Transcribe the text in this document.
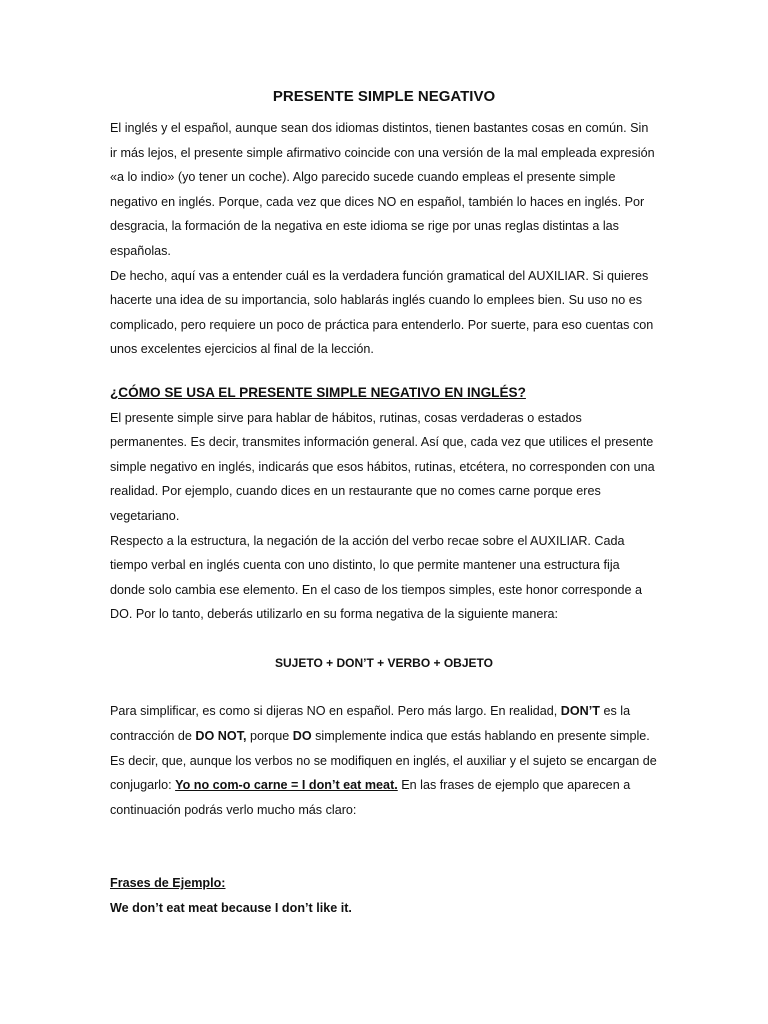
PRESENTE SIMPLE NEGATIVO

El inglés y el español, aunque sean dos idiomas distintos, tienen bastantes cosas en común. Sin ir más lejos, el presente simple afirmativo coincide con una versión de la mal empleada expresión «a lo indio» (yo tener un coche). Algo parecido sucede cuando empleas el presente simple negativo en inglés. Porque, cada vez que dices NO en español, también lo haces en inglés. Por desgracia, la formación de la negativa en este idioma se rige por unas reglas distintas a las españolas.

De hecho, aquí vas a entender cuál es la verdadera función gramatical del AUXILIAR. Si quieres hacerte una idea de su importancia, solo hablarás inglés cuando lo emplees bien. Su uso no es complicado, pero requiere un poco de práctica para entenderlo. Por suerte, para eso cuentas con unos excelentes ejercicios al final de la lección.

¿CÓMO SE USA EL PRESENTE SIMPLE NEGATIVO EN INGLÉS?

El presente simple sirve para hablar de hábitos, rutinas, cosas verdaderas o estados permanentes. Es decir, transmites información general. Así que, cada vez que utilices el presente simple negativo en inglés, indicarás que esos hábitos, rutinas, etcétera, no corresponden con una realidad. Por ejemplo, cuando dices en un restaurante que no comes carne porque eres vegetariano.

Respecto a la estructura, la negación de la acción del verbo recae sobre el AUXILIAR. Cada tiempo verbal en inglés cuenta con uno distinto, lo que permite mantener una estructura fija donde solo cambia ese elemento. En el caso de los tiempos simples, este honor corresponde a DO. Por lo tanto, deberás utilizarlo en su forma negativa de la siguiente manera:

SUJETO + DON’T + VERBO + OBJETO

Para simplificar, es como si dijeras NO en español. Pero más largo. En realidad, DON’T es la contracción de DO NOT, porque DO simplemente indica que estás hablando en presente simple. Es decir, que, aunque los verbos no se modifiquen en inglés, el auxiliar y el sujeto se encargan de conjugarlo: Yo no com-o carne = I don’t eat meat. En las frases de ejemplo que aparecen a continuación podrás verlo mucho más claro:

Frases de Ejemplo:

We don’t eat meat because I don’t like it.
